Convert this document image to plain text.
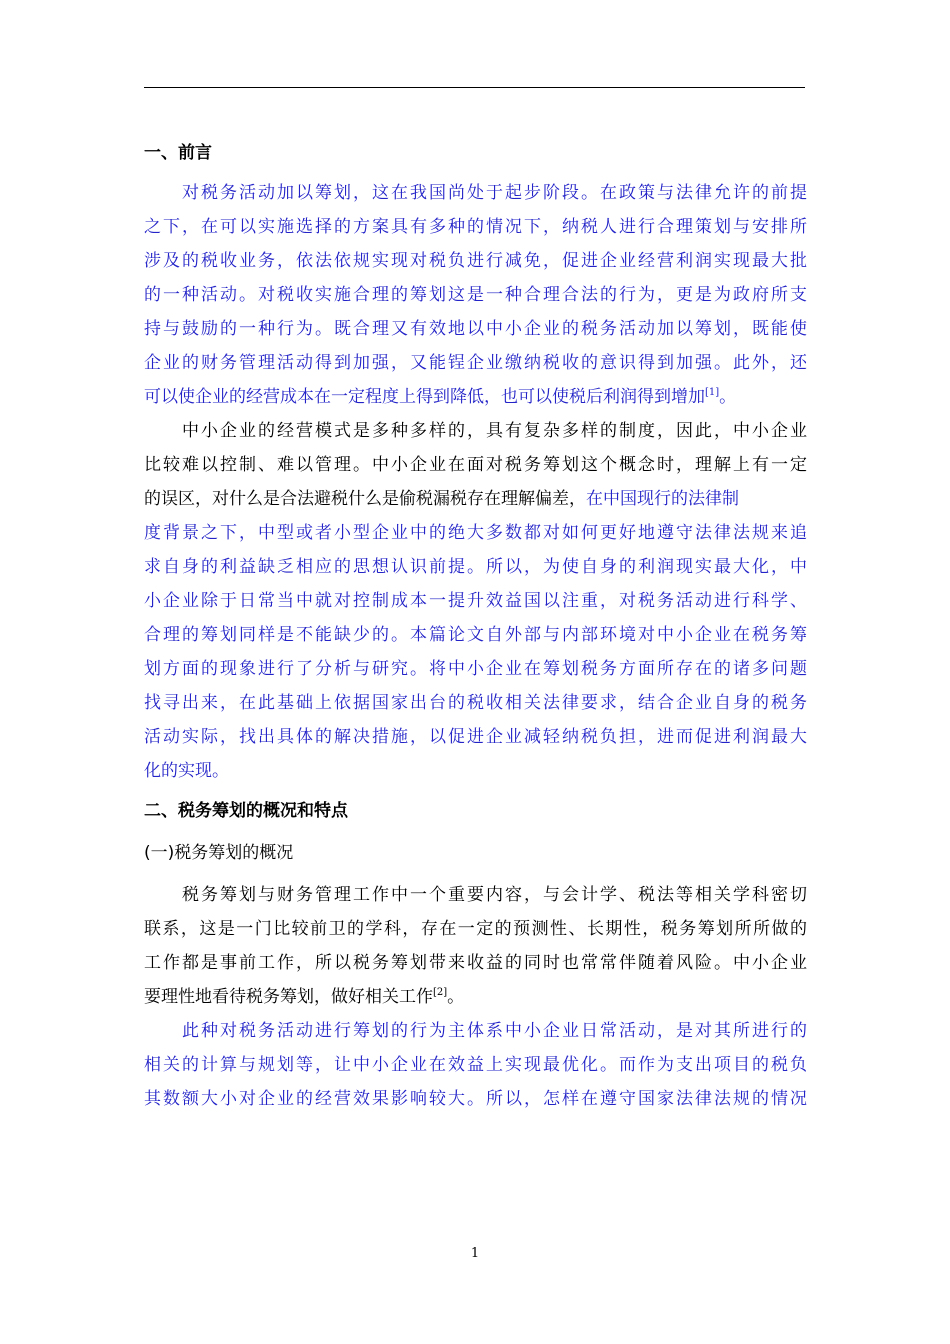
一、前言
对税务活动加以筹划，这在我国尚处于起步阶段。在政策与法律允许的前提
之下，在可以实施选择的方案具有多种的情况下，纳税人进行合理策划与安排所
涉及的税收业务，依法依规实现对税负进行减免，促进企业经营利润实现最大批
的一种活动。对税收实施合理的筹划这是一种合理合法的行为，更是为政府所支
持与鼓励的一种行为。既合理又有效地以中小企业的税务活动加以筹划，既能使
企业的财务管理活动得到加强，又能锃企业缴纳税收的意识得到加强。此外，还
可以使企业的经营成本在一定程度上得到降低，也可以使税后利润得到增加[1]。
中小企业的经营模式是多种多样的，具有复杂多样的制度，因此，中小企业
比较难以控制、难以管理。中小企业在面对税务筹划这个概念时，理解上有一定
的误区，对什么是合法避税什么是偷税漏税存在理解偏差，在中国现行的法律制
度背景之下，中型或者小型企业中的绝大多数都对如何更好地遵守法律法规来追
求自身的利益缺乏相应的思想认识前提。所以，为使自身的利润现实最大化，中
小企业除于日常当中就对控制成本一提升效益国以注重，对税务活动进行科学、
合理的筹划同样是不能缺少的。本篇论文自外部与内部环境对中小企业在税务筹
划方面的现象进行了分析与研究。将中小企业在筹划税务方面所存在的诸多问题
找寻出来，在此基础上依据国家出台的税收相关法律要求，结合企业自身的税务
活动实际，找出具体的解决措施，以促进企业减轻纳税负担，进而促进利润最大
化的实现。
二、税务筹划的概况和特点
(一)税务筹划的概况
税务筹划与财务管理工作中一个重要内容，与会计学、税法等相关学科密切
联系，这是一门比较前卫的学科，存在一定的预测性、长期性，税务筹划所所做的
工作都是事前工作，所以税务筹划带来收益的同时也常常伴随着风险。中小企业
要理性地看待税务筹划，做好相关工作[2]。
此种对税务活动进行筹划的行为主体系中小企业日常活动，是对其所进行的
相关的计算与规划等，让中小企业在效益上实现最优化。而作为支出项目的税负
其数额大小对企业的经营效果影响较大。所以，怎样在遵守国家法律法规的情况
1
